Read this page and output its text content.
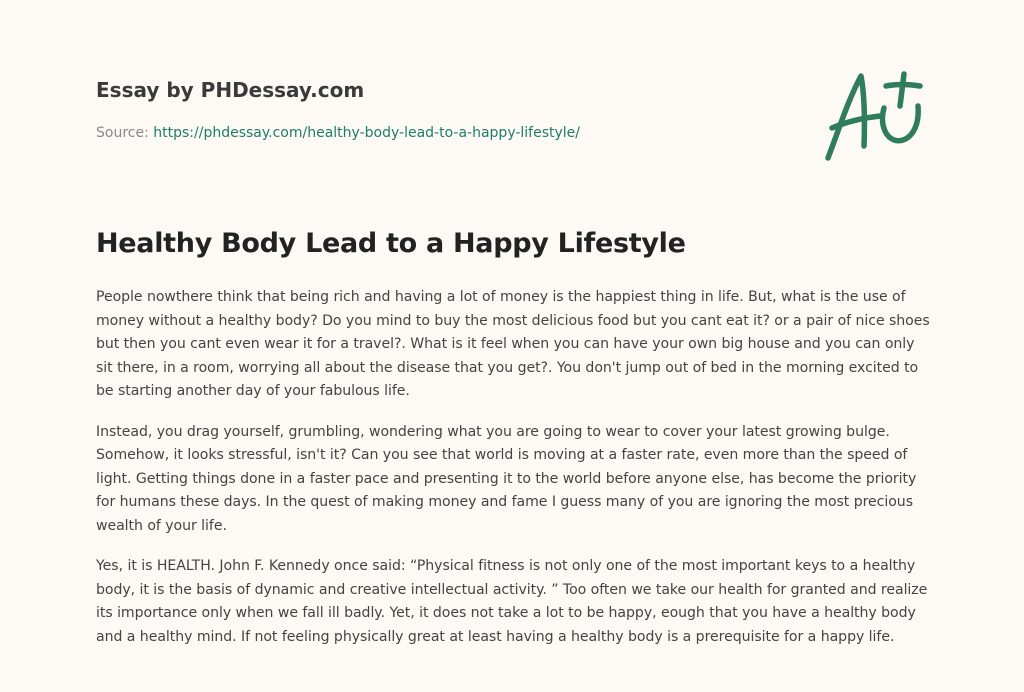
Essay by PHDessay.com
Source: https://phdessay.com/healthy-body-lead-to-a-happy-lifestyle/
Healthy Body Lead to a Happy Lifestyle

People nowthere think that being rich and having a lot of money is the happiest thing in life. But, what is the use of money without a healthy body? Do you mind to buy the most delicious food but you cant eat it? or a pair of nice shoes but then you cant even wear it for a travel?. What is it feel when you can have your own big house and you can only sit there, in a room, worrying all about the disease that you get?. You don't jump out of bed in the morning excited to be starting another day of your fabulous life.

Instead, you drag yourself, grumbling, wondering what you are going to wear to cover your latest growing bulge. Somehow, it looks stressful, isn't it? Can you see that world is moving at a faster rate, even more than the speed of light. Getting things done in a faster pace and presenting it to the world before anyone else, has become the priority for humans these days. In the quest of making money and fame I guess many of you are ignoring the most precious wealth of your life.

Yes, it is HEALTH. John F. Kennedy once said: “Physical fitness is not only one of the most important keys to a healthy body, it is the basis of dynamic and creative intellectual activity. ” Too often we take our health for granted and realize its importance only when we fall ill badly. Yet, it does not take a lot to be happy, eough that you have a healthy body and a healthy mind. If not feeling physically great at least having a healthy body is a prerequisite for a happy life.
